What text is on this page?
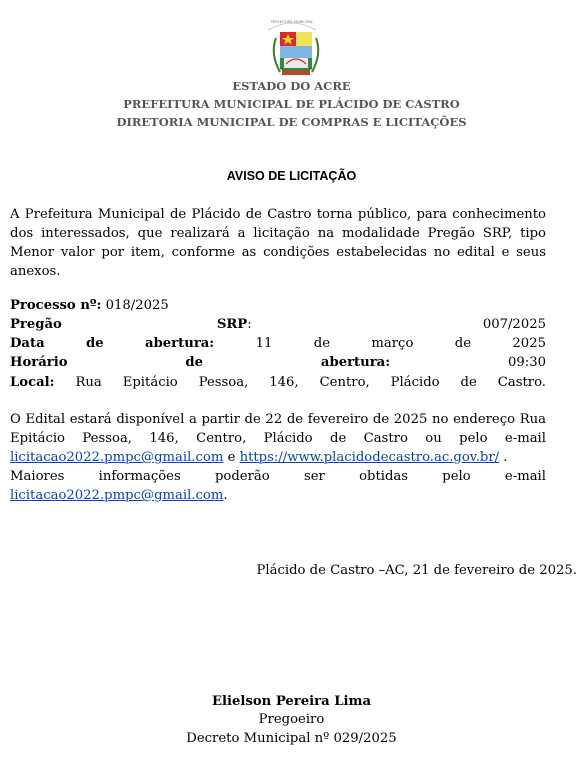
PREFEITURA MUNICIPAL
ESTADO DO ACRE
PREFEITURA MUNICIPAL DE PLÁCIDO DE CASTRO
DIRETORIA MUNICIPAL DE COMPRAS E LICITAÇÕES
AVISO DE LICITAÇÃO
A Prefeitura Municipal de Plácido de Castro torna público, para conhecimento dos interessados, que realizará a licitação na modalidade Pregão SRP, tipo Menor valor por item, conforme as condições estabelecidas no edital e seus anexos.
Processo nº :
018/2025
Pregão	SRP:	007/2025
Data	de	abertura:	11	de	março	de	2025
Horário	de	abertura:	09:30
Local: Rua Epitácio Pessoa, 146, Centro, Plácido de Castro.
O Edital estará disponível a partir de 22 de fevereiro de 2025 no endereço Rua
Epitácio Pessoa, 146, Centro, Plácido de Castro ou pelo e-mail
licitacao2022.pmpc@gmail.com e https://www.placidodecastro.ac.gov.br/ .
Maiores informações poderão ser obtidas pelo e-mail
licitacao2022.pmpc@gmail.com.
Plácido de Castro –AC, 21 de fevereiro de 2025.
Elielson Pereira Lima
Pregoeiro
Decreto Municipal nº 029/2025
